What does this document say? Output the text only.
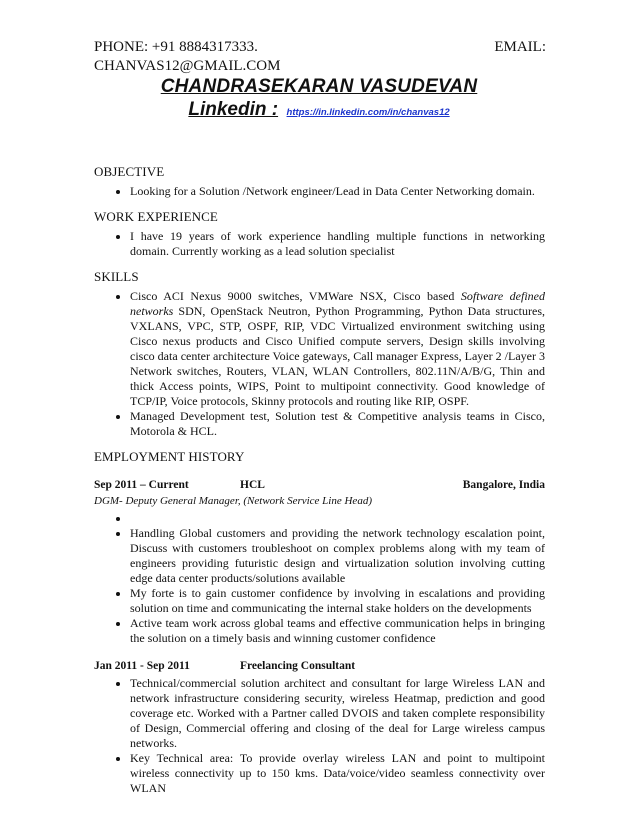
PHONE: +91 8884317333.	EMAIL:
CHANVAS12@GMAIL.COM
CHANDRASEKARAN VASUDEVAN
Linkedin : https://in.linkedin.com/in/chanvas12

OBJECTIVE

• Looking for a Solution /Network engineer/Lead in Data Center Networking domain.

WORK EXPERIENCE

• I have 19 years of work experience handling multiple functions in networking domain. Currently working as a lead solution specialist

SKILLS

• Cisco ACI Nexus 9000 switches, VMWare NSX, Cisco based Software defined networks SDN, OpenStack Neutron, Python Programming, Python Data structures, VXLANS, VPC, STP, OSPF, RIP, VDC Virtualized environment switching using Cisco nexus products and Cisco Unified compute servers, Design skills involving cisco data center architecture Voice gateways, Call manager Express, Layer 2 /Layer 3 Network switches, Routers, VLAN, WLAN Controllers, 802.11N/A/B/G, Thin and thick Access points, WIPS, Point to multipoint connectivity. Good knowledge of TCP/IP, Voice protocols, Skinny protocols and routing like RIP, OSPF.
• Managed Development test, Solution test & Competitive analysis teams in Cisco, Motorola & HCL.

EMPLOYMENT HISTORY

Sep 2011 – Current	HCL	Bangalore, India
DGM- Deputy General Manager, (Network Service Line Head)
•
• Handling Global customers and providing the network technology escalation point, Discuss with customers troubleshoot on complex problems along with my team of engineers providing futuristic design and virtualization solution involving cutting edge data center products/solutions available
• My forte is to gain customer confidence by involving in escalations and providing solution on time and communicating the internal stake holders on the developments
• Active team work across global teams and effective communication helps in bringing the solution on a timely basis and winning customer confidence
Jan 2011 - Sep 2011	Freelancing Consultant
• Technical/commercial solution architect and consultant for large Wireless LAN and network infrastructure considering security, wireless Heatmap, prediction and good coverage etc. Worked with a Partner called DVOIS and taken complete responsibility of Design, Commercial offering and closing of the deal for Large wireless campus networks.
• Key Technical area: To provide overlay wireless LAN and point to multipoint wireless connectivity up to 150 kms. Data/voice/video seamless connectivity over WLAN
